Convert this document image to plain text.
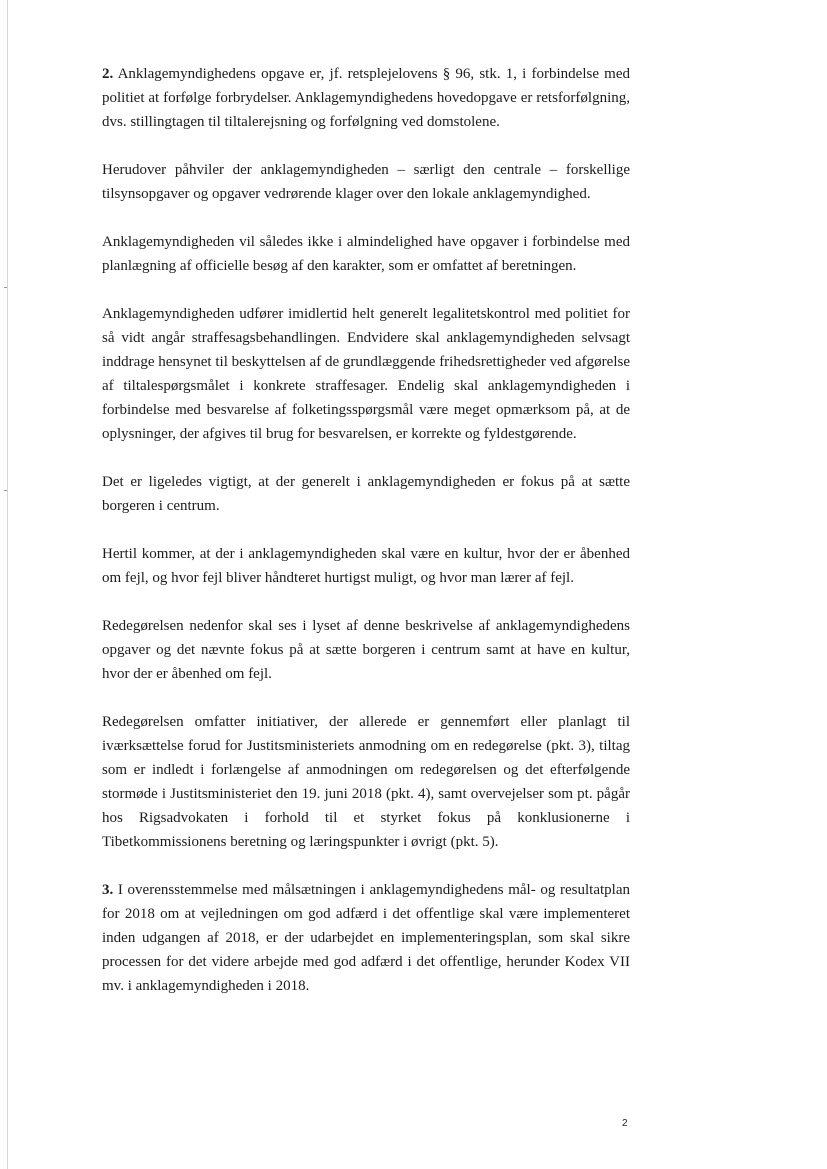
2. Anklagemyndighedens opgave er, jf. retsplejelovens § 96, stk. 1, i forbindelse med politiet at forfølge forbrydelser. Anklagemyndighedens hovedopgave er retsforfølgning, dvs. stillingtagen til tiltalerejsning og forfølgning ved domstolene.

Herudover påhviler der anklagemyndigheden – særligt den centrale – forskellige tilsynsopgaver og opgaver vedrørende klager over den lokale anklagemyndighed.

Anklagemyndigheden vil således ikke i almindelighed have opgaver i forbindelse med planlægning af officielle besøg af den karakter, som er omfattet af beretningen.

Anklagemyndigheden udfører imidlertid helt generelt legalitetskontrol med politiet for så vidt angår straffesagsbehandlingen. Endvidere skal anklagemyndigheden selvsagt inddrage hensynet til beskyttelsen af de grundlæggende frihedsrettigheder ved afgørelse af tiltalespørgsmålet i konkrete straffesager. Endelig skal anklagemyndigheden i forbindelse med besvarelse af folketingsspørgsmål være meget opmærksom på, at de oplysninger, der afgives til brug for besvarelsen, er korrekte og fyldestgørende.

Det er ligeledes vigtigt, at der generelt i anklagemyndigheden er fokus på at sætte borgeren i centrum.

Hertil kommer, at der i anklagemyndigheden skal være en kultur, hvor der er åbenhed om fejl, og hvor fejl bliver håndteret hurtigst muligt, og hvor man lærer af fejl.

Redegørelsen nedenfor skal ses i lyset af denne beskrivelse af anklagemyndighedens opgaver og det nævnte fokus på at sætte borgeren i centrum samt at have en kultur, hvor der er åbenhed om fejl.

Redegørelsen omfatter initiativer, der allerede er gennemført eller planlagt til iværksættelse forud for Justitsministeriets anmodning om en redegørelse (pkt. 3), tiltag som er indledt i forlængelse af anmodningen om redegørelsen og det efterfølgende stormøde i Justitsministeriet den 19. juni 2018 (pkt. 4), samt overvejelser som pt. pågår hos Rigsadvokaten i forhold til et styrket fokus på konklusionerne i Tibetkommissionens beretning og læringspunkter i øvrigt (pkt. 5).

3. I overensstemmelse med målsætningen i anklagemyndighedens mål- og resultatplan for 2018 om at vejledningen om god adfærd i det offentlige skal være implementeret inden udgangen af 2018, er der udarbejdet en implementeringsplan, som skal sikre processen for det videre arbejde med god adfærd i det offentlige, herunder Kodex VII mv. i anklagemyndigheden i 2018.

2
